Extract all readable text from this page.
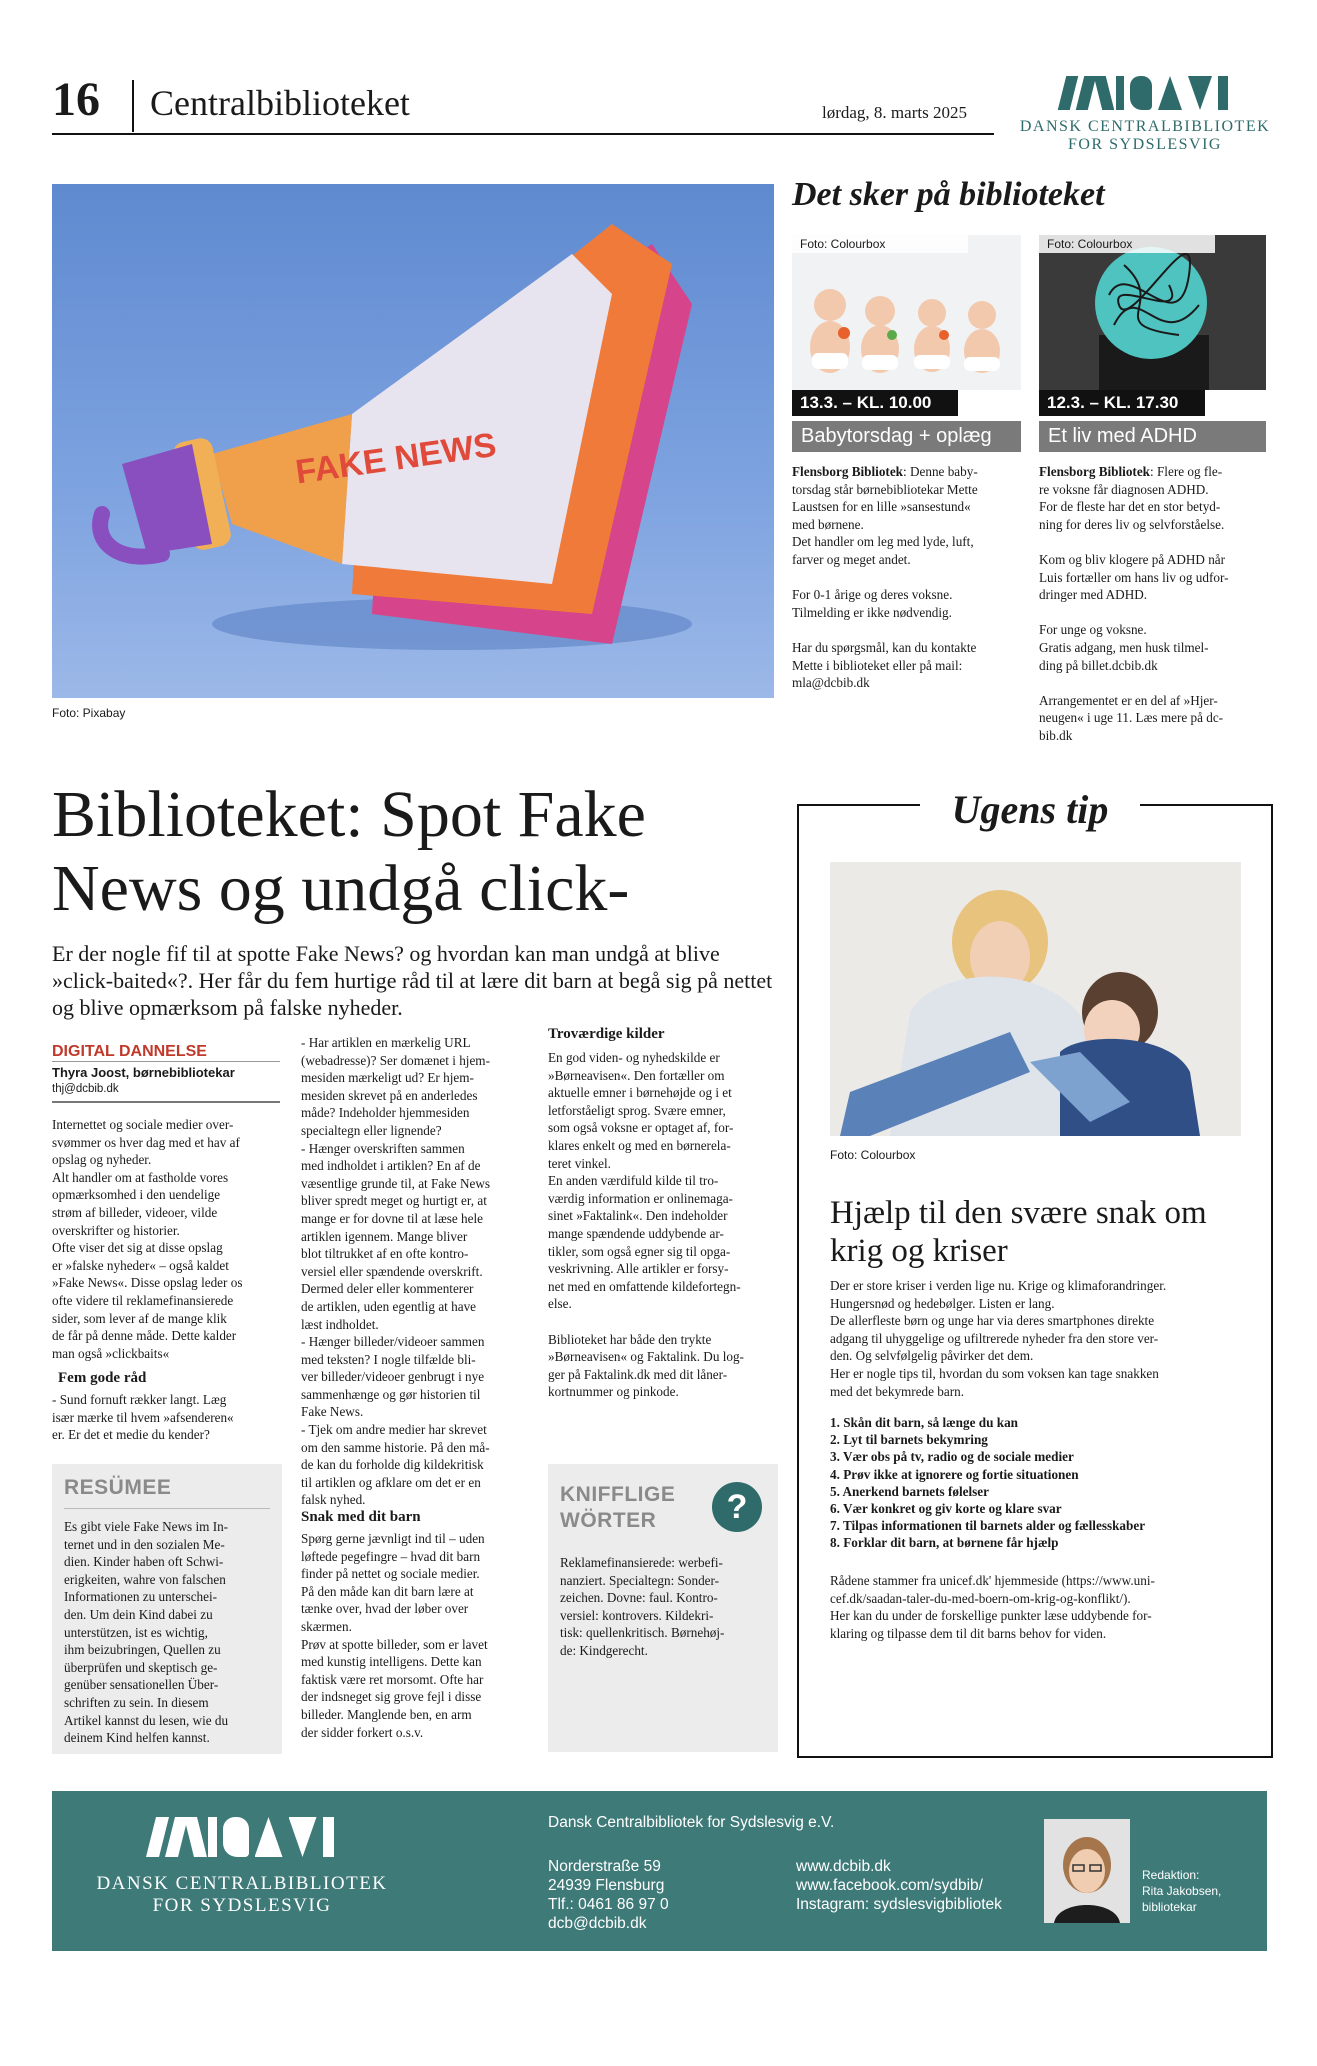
16 Centralbiblioteket	lørdag, 8. marts 2025
DANSK CENTRALBIBLIOTEK
FOR SYDSLESVIG
FAKE NEWS
Foto: Pixabay
Det sker på biblioteket
Foto: Colourbox
13.3. – KL. 10.00
Babytorsdag + oplæg
Flensborg Bibliotek: Denne baby-
torsdag står børnebibliotekar Mette
Laustsen for en lille »sansestund«
med børnene.
Det handler om leg med lyde, luft,
farver og meget andet.

For 0-1 årige og deres voksne.
Tilmelding er ikke nødvendig.

Har du spørgsmål, kan du kontakte
Mette i biblioteket eller på mail:
mla@dcbib.dk
Foto: Colourbox
12.3. – KL. 17.30
Et liv med ADHD
Flensborg Bibliotek: Flere og fle-
re voksne får diagnosen ADHD.
For de fleste har det en stor betyd-
ning for deres liv og selvforståelse.

Kom og bliv klogere på ADHD når
Luis fortæller om hans liv og udfor-
dringer med ADHD.

For unge og voksne.
Gratis adgang, men husk tilmel-
ding på billet.dcbib.dk

Arrangementet er en del af »Hjer-
neugen« i uge 11. Læs mere på dc-
bib.dk
Biblioteket: Spot Fake News og undgå click-
Er der nogle fif til at spotte Fake News? og hvordan kan man undgå at blive »click-baited«?. Her får du fem hurtige råd til at lære dit barn at begå sig på nettet og blive opmærksom på falske nyheder.
DIGITAL DANNELSE
Thyra Joost, børnebibliotekar
thj@dcbib.dk
Internettet og sociale medier over-
svømmer os hver dag med et hav af
opslag og nyheder.
Alt handler om at fastholde vores
opmærksomhed i den uendelige
strøm af billeder, videoer, vilde
overskrifter og historier.
Ofte viser det sig at disse opslag
er »falske nyheder« – også kaldet
»Fake News«. Disse opslag leder os
ofte videre til reklamefinansierede
sider, som lever af de mange klik
de får på denne måde. Dette kalder
man også »clickbaits«
Fem gode råd
- Sund fornuft rækker langt. Læg
især mærke til hvem »afsenderen«
er. Er det et medie du kender?
- Har artiklen en mærkelig URL
(webadresse)? Ser domænet i hjem-
mesiden mærkeligt ud? Er hjem-
mesiden skrevet på en anderledes
måde? Indeholder hjemmesiden
specialtegn eller lignende?
- Hænger overskriften sammen
med indholdet i artiklen? En af de
væsentlige grunde til, at Fake News
bliver spredt meget og hurtigt er, at
mange er for dovne til at læse hele
artiklen igennem. Mange bliver
blot tiltrukket af en ofte kontro-
versiel eller spændende overskrift.
Dermed deler eller kommenterer
de artiklen, uden egentlig at have
læst indholdet.
- Hænger billeder/videoer sammen
med teksten? I nogle tilfælde bli-
ver billeder/videoer genbrugt i nye
sammenhænge og gør historien til
Fake News.
- Tjek om andre medier har skrevet
om den samme historie. På den må-
de kan du forholde dig kildekritisk
til artiklen og afklare om det er en
falsk nyhed.
Snak med dit barn
Spørg gerne jævnligt ind til – uden
løftede pegefingre – hvad dit barn
finder på nettet og sociale medier.
På den måde kan dit barn lære at
tænke over, hvad der løber over
skærmen.
Prøv at spotte billeder, som er lavet
med kunstig intelligens. Dette kan
faktisk være ret morsomt. Ofte har
der indsneget sig grove fejl i disse
billeder. Manglende ben, en arm
der sidder forkert o.s.v.
Troværdige kilder
En god viden- og nyhedskilde er
»Børneavisen«. Den fortæller om
aktuelle emner i børnehøjde og i et
letforståeligt sprog. Svære emner,
som også voksne er optaget af, for-
klares enkelt og med en børnerela-
teret vinkel.
En anden værdifuld kilde til tro-
værdig information er onlinemaga-
sinet »Faktalink«. Den indeholder
mange spændende uddybende ar-
tikler, som også egner sig til opga-
veskrivning. Alle artikler er forsy-
net med en omfattende kildefortegn-
else.

Biblioteket har både den trykte
»Børneavisen« og Faktalink. Du log-
ger på Faktalink.dk med dit låner-
kortnummer og pinkode.
RESÜMEE
Es gibt viele Fake News im In-
ternet und in den sozialen Me-
dien. Kinder haben oft Schwi-
erigkeiten, wahre von falschen
Informationen zu unterschei-
den. Um dein Kind dabei zu
unterstützen, ist es wichtig,
ihm beizubringen, Quellen zu
überprüfen und skeptisch ge-
genüber sensationellen Über-
schriften zu sein. In diesem
Artikel kannst du lesen, wie du
deinem Kind helfen kannst.
KNIFFLIGE
WÖRTER	?
Reklamefinansierede: werbefi-
nanziert. Specialtegn: Sonder-
zeichen. Dovne: faul. Kontro-
versiel: kontrovers. Kildekri-
tisk: quellenkritisch. Børnehøj-
de: Kindgerecht.
Ugens tip
Foto: Colourbox
Hjælp til den svære snak om krig og kriser
Der er store kriser i verden lige nu. Krige og klimaforandringer.
Hungersnød og hedebølger. Listen er lang.
De allerfleste børn og unge har via deres smartphones direkte
adgang til uhyggelige og ufiltrerede nyheder fra den store ver-
den. Og selvfølgelig påvirker det dem.
Her er nogle tips til, hvordan du som voksen kan tage snakken
med det bekymrede barn.
1. Skån dit barn, så længe du kan
2. Lyt til barnets bekymring
3. Vær obs på tv, radio og de sociale medier
4. Prøv ikke at ignorere og fortie situationen
5. Anerkend barnets følelser
6. Vær konkret og giv korte og klare svar
7. Tilpas informationen til barnets alder og fællesskaber
8. Forklar dit barn, at børnene får hjælp
Rådene stammer fra unicef.dk' hjemmeside (https://www.uni-
cef.dk/saadan-taler-du-med-boern-om-krig-og-konflikt/).
Her kan du under de forskellige punkter læse uddybende for-
klaring og tilpasse dem til dit barns behov for viden.
DANSK CENTRALBIBLIOTEK
FOR SYDSLESVIG
Dansk Centralbibliotek for Sydslesvig e.V.
Norderstraße 59
24939 Flensburg
Tlf.: 0461 86 97 0
dcb@dcbib.dk
www.dcbib.dk
www.facebook.com/sydbib/
Instagram: sydslesvigbibliotek
Redaktion:
Rita Jakobsen,
bibliotekar
